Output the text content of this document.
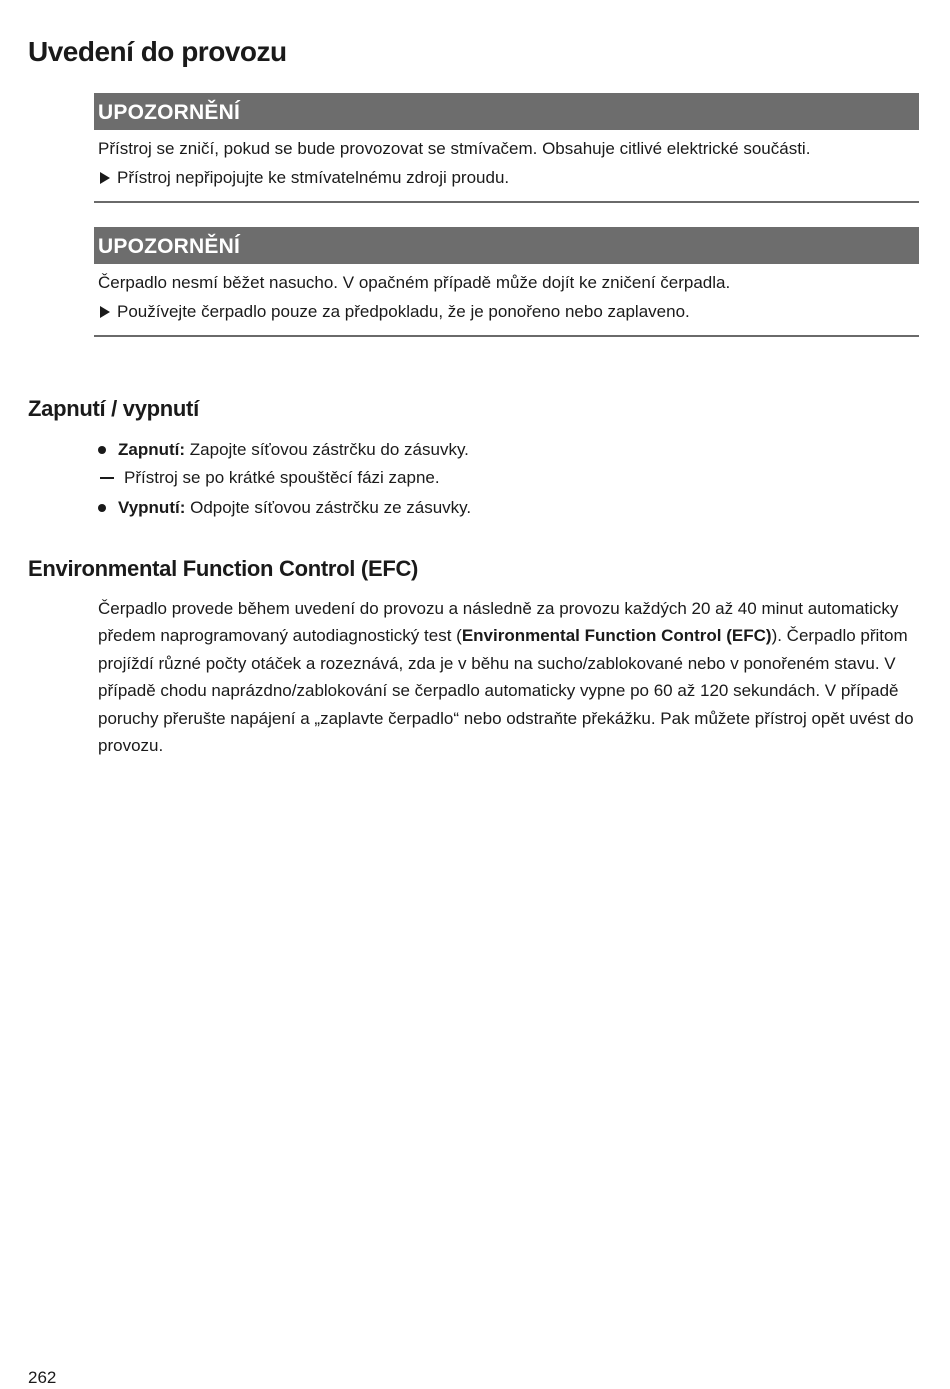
Uvedení do provozu
UPOZORNĚNÍ
Přístroj se zničí, pokud se bude provozovat se stmívačem. Obsahuje citlivé elektrické součásti.
Přístroj nepřipojujte ke stmívatelnému zdroji proudu.
UPOZORNĚNÍ
Čerpadlo nesmí běžet nasucho. V opačném případě může dojít ke zničení čerpadla.
Používejte čerpadlo pouze za předpokladu, že je ponořeno nebo zaplaveno.
Zapnutí / vypnutí
Zapnutí: Zapojte síťovou zástrčku do zásuvky.
Přístroj se po krátké spouštěcí fázi zapne.
Vypnutí: Odpojte síťovou zástrčku ze zásuvky.
Environmental Function Control (EFC)

Čerpadlo provede během uvedení do provozu a následně za provozu každých 20 až 40 minut automaticky předem naprogramovaný autodiagnostický test (Environmental Function Control (EFC)). Čerpadlo přitom projíždí různé počty otáček a rozeznává, zda je v běhu na sucho/zablokované nebo v ponořeném stavu. V případě chodu naprázdno/zablokování se čerpadlo automaticky vypne po 60 až 120 sekundách. V případě poruchy přerušte napájení a „zaplavte čerpadlo“ nebo odstraňte překážku. Pak můžete přístroj opět uvést do provozu.

262
